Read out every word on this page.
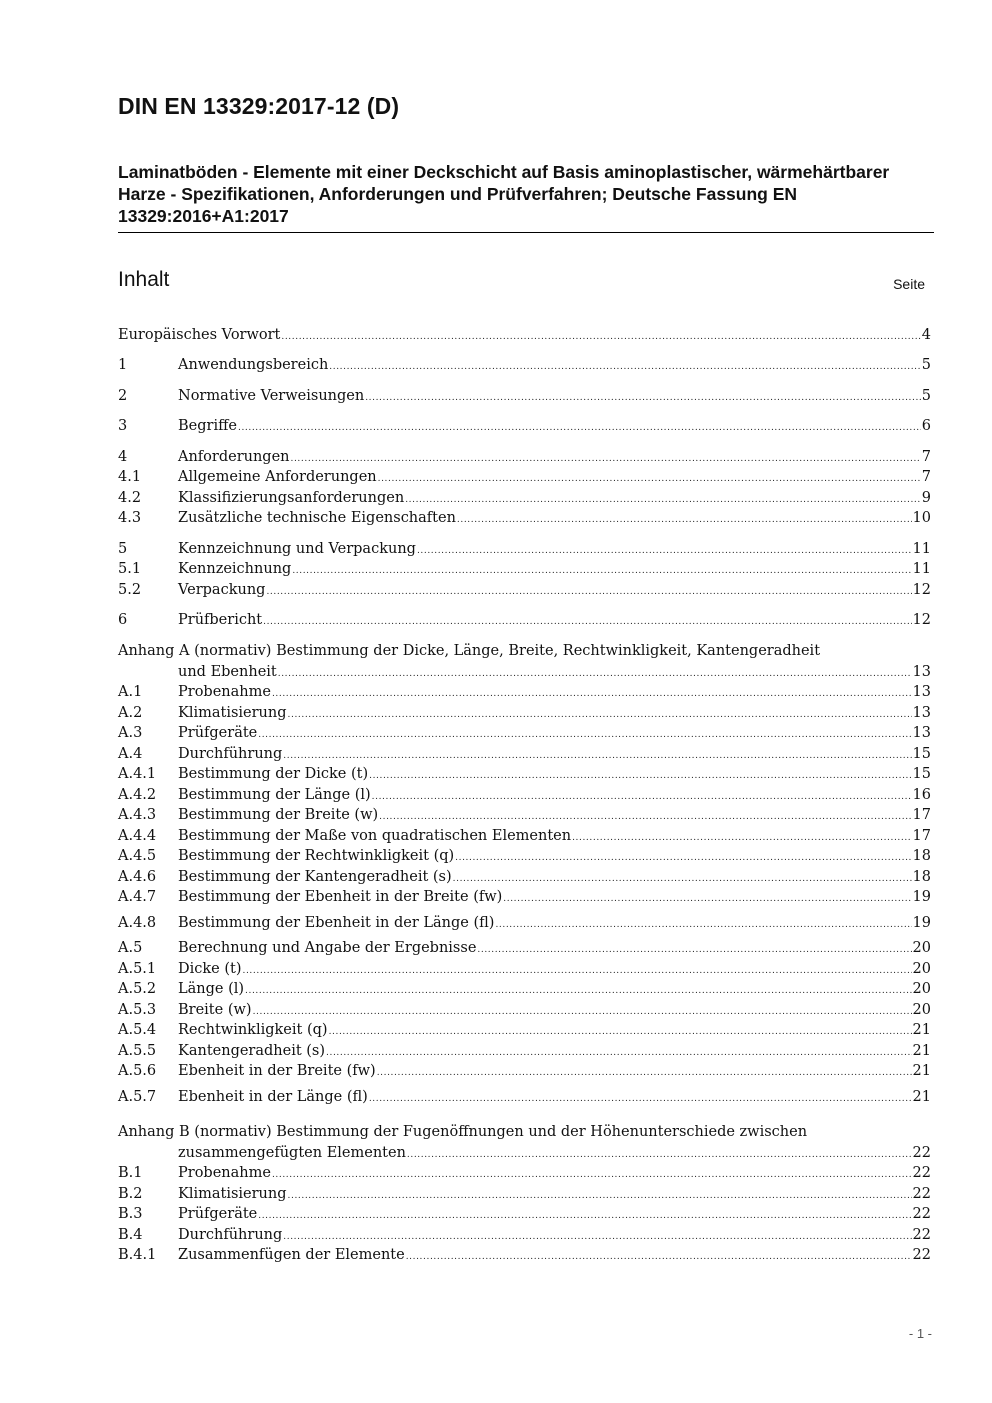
DIN EN 13329:2017-12 (D)
Laminatböden - Elemente mit einer Deckschicht auf Basis aminoplastischer, wärmehärtbarer Harze - Spezifikationen, Anforderungen und Prüfverfahren; Deutsche Fassung EN 13329:2016+A1:2017
Inhalt	Seite
Europäisches Vorwort .....	4
1	Anwendungsbereich .....	5
2	Normative Verweisungen .....	5
3	Begriffe .....	6
4	Anforderungen .....	7
4.1	Allgemeine Anforderungen .....	7
4.2	Klassifizierungsanforderungen .....	9
4.3	Zusätzliche technische Eigenschaften .....	10
5	Kennzeichnung und Verpackung .....	11
5.1	Kennzeichnung .....	11
5.2	Verpackung .....	12
6	Prüfbericht .....	12
Anhang A (normativ) Bestimmung der Dicke, Länge, Breite, Rechtwinkligkeit, Kantengeradheit
und Ebenheit .....	13
A.1	Probenahme .....	13
A.2	Klimatisierung .....	13
A.3	Prüfgeräte .....	13
A.4	Durchführung .....	15
A.4.1	Bestimmung der Dicke (t) .....	15
A.4.2	Bestimmung der Länge (l) .....	16
A.4.3	Bestimmung der Breite (w) .....	17
A.4.4	Bestimmung der Maße von quadratischen Elementen .....	17
A.4.5	Bestimmung der Rechtwinkligkeit (q) .....	18
A.4.6	Bestimmung der Kantengeradheit (s) .....	18
A.4.7	Bestimmung der Ebenheit in der Breite (fw) .....	19
A.4.8	Bestimmung der Ebenheit in der Länge (fl) .....	19
A.5	Berechnung und Angabe der Ergebnisse .....	20
A.5.1	Dicke (t) .....	20
A.5.2	Länge (l) .....	20
A.5.3	Breite (w) .....	20
A.5.4	Rechtwinkligkeit (q) .....	21
A.5.5	Kantengeradheit (s) .....	21
A.5.6	Ebenheit in der Breite (fw) .....	21
A.5.7	Ebenheit in der Länge (fl) .....	21
Anhang B (normativ) Bestimmung der Fugenöffnungen und der Höhenunterschiede zwischen
zusammengefügten Elementen .....	22
B.1	Probenahme .....	22
B.2	Klimatisierung .....	22
B.3	Prüfgeräte .....	22
B.4	Durchführung .....	22
B.4.1	Zusammenfügen der Elemente .....	22
- 1 -
